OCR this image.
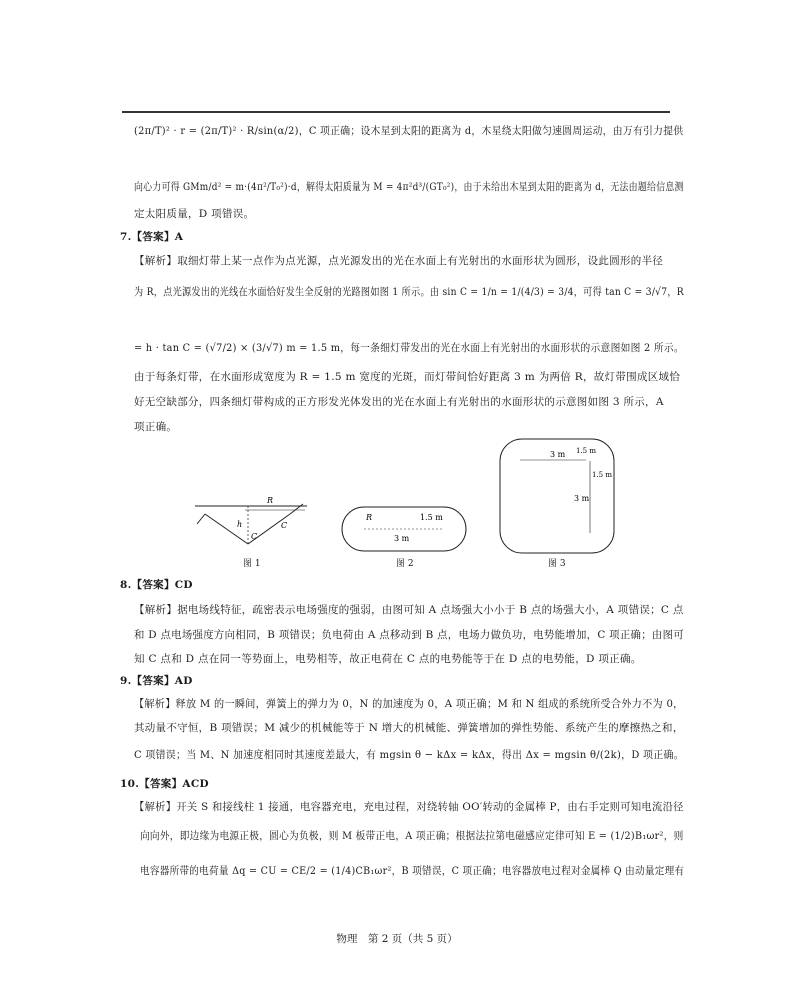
(2π/T)² · r = (2π/T)² · R/sin(α/2)，C 项正确；设木星到太阳的距离为 d，木星绕太阳做匀速圆周运动，由万有引力提供
向心力可得 GMm/d² = m·(4π²/T₀²)·d，解得太阳质量为 M = 4π²d³/(GT₀²)，由于未给出木星到太阳的距离为 d，无法由题给信息测
定太阳质量，D 项错误。
7.【答案】A
【解析】取细灯带上某一点作为点光源，点光源发出的光在水面上有光射出的水面形状为圆形，设此圆形的半径
为 R，点光源发出的光线在水面恰好发生全反射的光路图如图 1 所示。由 sin C = 1/n = 1/(4/3) = 3/4，可得 tan C = 3/√7，R
= h · tan C = (√7/2) × (3/√7) m = 1.5 m，每一条细灯带发出的光在水面上有光射出的水面形状的示意图如图 2 所示。
由于每条灯带，在水面形成宽度为 R = 1.5 m 宽度的光斑，而灯带间恰好距离 3 m 为两倍 R，故灯带围成区域恰
好无空缺部分，四条细灯带构成的正方形发光体发出的光在水面上有光射出的水面形状的示意图如图 3 所示，A
项正确。
R
h
C
C
图 1
R	1.5 m
3 m
图 2
3 m 1.5 m
1.5 m
3 m
图 3
8.【答案】CD
【解析】据电场线特征，疏密表示电场强度的强弱，由图可知 A 点场强大小小于 B 点的场强大小，A 项错误；C 点
和 D 点电场强度方向相同，B 项错误；负电荷由 A 点移动到 B 点，电场力做负功，电势能增加，C 项正确；由图可
知 C 点和 D 点在同一等势面上，电势相等，故正电荷在 C 点的电势能等于在 D 点的电势能，D 项正确。
9.【答案】AD
【解析】释放 M 的一瞬间，弹簧上的弹力为 0，N 的加速度为 0，A 项正确；M 和 N 组成的系统所受合外力不为 0，
其动量不守恒，B 项错误；M 减少的机械能等于 N 增大的机械能、弹簧增加的弹性势能、系统产生的摩擦热之和，
C 项错误；当 M、N 加速度相同时其速度差最大，有 mgsin θ − kΔx = kΔx，得出 Δx = mgsin θ/(2k)，D 项正确。
10.【答案】ACD
【解析】开关 S 和接线柱 1 接通，电容器充电，充电过程，对绕转轴 OO′转动的金属棒 P，由右手定则可知电流沿径
向向外，即边缘为电源正极，圆心为负极，则 M 板带正电，A 项正确；根据法拉第电磁感应定律可知 E = (1/2)B₁ωr²，则
电容器所带的电荷量 Δq = CU = CE/2 = (1/4)CB₁ωr²，B 项错误，C 项正确；电容器放电过程对金属棒 Q 由动量定理有
物理　第 2 页（共 5 页）
